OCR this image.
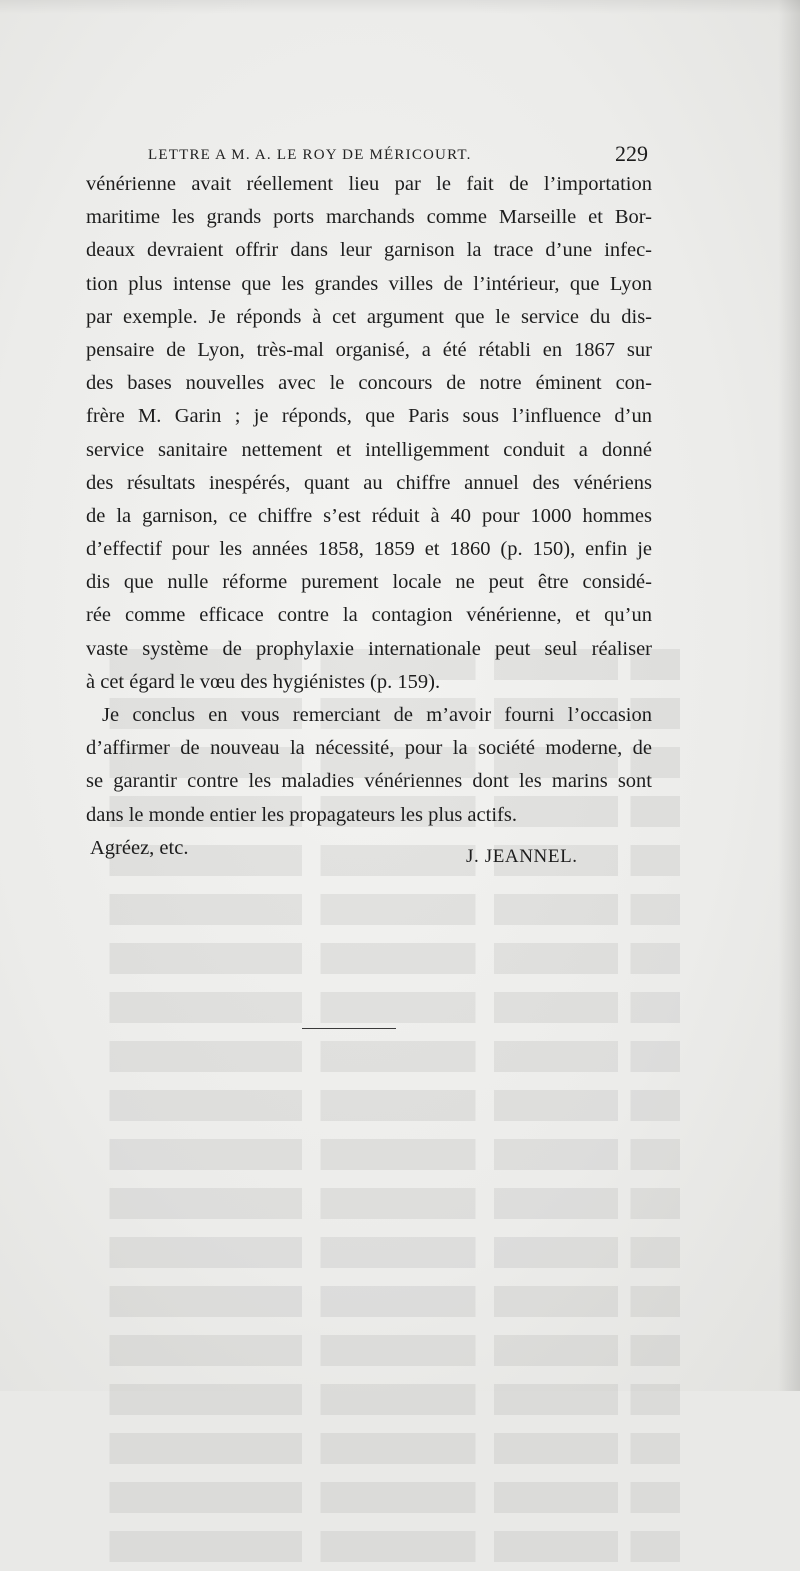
LETTRE A M. A. LE ROY DE MÉRICOURT.	229
vénérienne avait réellement lieu par le fait de l’importation
maritime les grands ports marchands comme Marseille et Bor-
deaux devraient offrir dans leur garnison la trace d’une infec-
tion plus intense que les grandes villes de l’intérieur, que Lyon
par exemple. Je réponds à cet argument que le service du dis-
pensaire de Lyon, très-mal organisé, a été rétabli en 1867 sur
des bases nouvelles avec le concours de notre éminent con-
frère M. Garin ; je réponds, que Paris sous l’influence d’un
service sanitaire nettement et intelligemment conduit a donné
des résultats inespérés, quant au chiffre annuel des vénériens
de la garnison, ce chiffre s’est réduit à 40 pour 1000 hommes
d’effectif pour les années 1858, 1859 et 1860 (p. 150), enfin je
dis que nulle réforme purement locale ne peut être considé-
rée comme efficace contre la contagion vénérienne, et qu’un
vaste système de prophylaxie internationale peut seul réaliser
à cet égard le vœu des hygiénistes (p. 159).
Je conclus en vous remerciant de m’avoir fourni l’occasion
d’affirmer de nouveau la nécessité, pour la société moderne, de
se garantir contre les maladies vénériennes dont les marins sont
dans le monde entier les propagateurs les plus actifs.
Agréez, etc.	J. JEANNEL.
